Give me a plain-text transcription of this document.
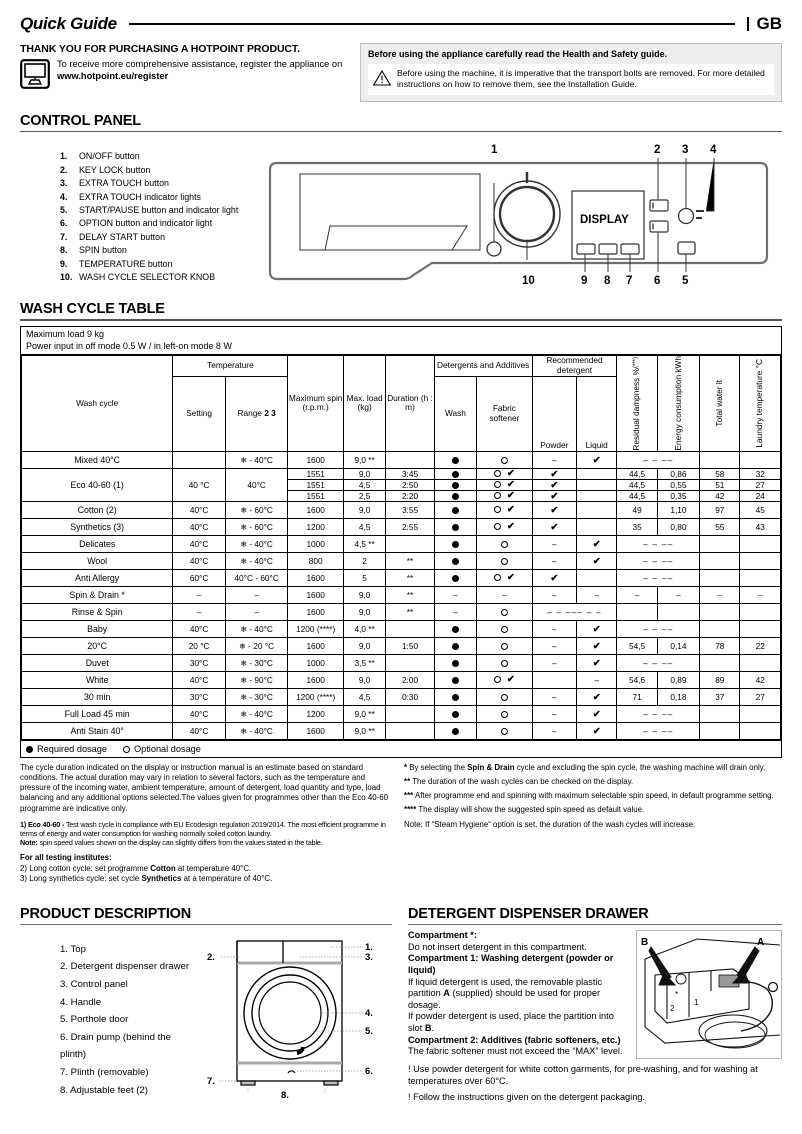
Quick Guide	GB
THANK YOU FOR PURCHASING A HOTPOINT PRODUCT.
To receive more comprehensive assistance, register the appliance on
www.hotpoint.eu/register
Before using the appliance carefully read the Health and Safety guide.
Before using the machine, it is imperative that the transport bolts are removed. For more detailed instructions on how to remove them, see the Installation Guide.
CONTROL PANEL
1.	ON/OFF button
2.	KEY LOCK button
3.	EXTRA TOUCH button
4.	EXTRA TOUCH indicator lights
5.	START/PAUSE button and indicator light
6.	OPTION button and indicator light
7.	DELAY START button
8.	SPIN button
9.	TEMPERATURE button
10. WASH CYCLE SELECTOR KNOB
DISPLAY
1	2 3 4
10	9 8 7 6 5
WASH CYCLE TABLE
Maximum load 9 kg
Power input in off mode 0.5 W / in left-on mode 8 W
Wash cycle	Temperature		Maximum spin (r.p.m.)	Max. load (kg)	Duration (h : m)	Detergents and Additives		Recommended detergent		Residual dampness %(***)	Energy consumption kWh	Total water lt	Laundry temperature °C

	Setting	Range 2 3				Wash	Fabric softener						
								Powder	Liquid				
Mixed 40°C		❄ - 40°C	1600	9,0 **				–	✔	– – ––			
Eco 40-60 (1)	40 °C	40°C	1551	9,0	3:45		✔	✔		44,5	0,86	58	32
			1551	4,5	2:50		✔	✔		44,5	0,55	51	27
			1551	2,5	2:20		✔	✔		44,5	0,35	42	24
Cotton (2)	40°C	❄ - 60°C	1600	9,0	3:55		✔	✔		49	1,10	97	45
Synthetics (3)	40°C	❄ - 60°C	1200	4,5	2:55		✔	✔		35	0,80	55	43
Delicates	40°C	❄ - 40°C	1000	4,5 **				–	✔	– – ––			
Wool	40°C	❄ - 40°C	800	2	**			–	✔	– – ––			
Anti Allergy	60°C	40°C - 60°C	1600	5	**		✔	✔		– – ––			
Spin & Drain *	–	–	1600	9,0	**	–	–	–	–	–	–	–	–
Rinse & Spin	–	–	1600	9,0	**	–		– – ––– – –					
Baby	40°C	❄ - 40°C	1200 (****)	4,0 **				–	✔	– – ––			
20°C	20 °C	❄ - 20 °C	1600	9,0	1:50			–	✔	54,5	0,14	78	22
Duvet	30°C	❄ - 30°C	1000	3,5 **				–	✔	– – ––			
White	40°C	❄ - 90°C	1600	9,0	2:00		✔		–	54,6	0,89	89	42
30 min	30°C	❄ - 30°C	1200 (****)	4,5	0:30			–	✔	71	0,18	37	27
Full Load 45 min	40°C	❄ - 40°C	1200	9,0 **				–	✔	– – ––			
Anti Stain 40°	40°C	❄ - 40°C	1600	9,0 **				–	✔	– – ––			
Required dosage	Optional dosage

The cycle duration indicated on the display or instruction manual is an estimate based on standard conditions. The actual duration may vary in relation to several factors, such as the temperature and pressure of the incoming water, ambient temperature, amount of detergent, load quantity and type, load balancing and any additional options selected.The values given for programmes other than the Eco 40-60 programme are indicative only.

1) Eco 40-60 - Test wash cycle in compliance with EU Ecodesign regulation 2019/2014. The most efficient programme in terms of energy and water consumption for washing normally soiled cotton laundry.
Note: spin speed values shown on the display can slightly differs from the values stated in the table.

For all testing institutes:
2) Long cotton cycle: set programme Cotton at temperature 40°C.
3) Long synthetics cycle: set cycle Synthetics at a temperature of 40°C.

* By selecting the Spin & Drain cycle and excluding the spin cycle, the washing machine will drain only.

** The duration of the wash cycles can be checked on the display.

*** After programme end and spinning with maximum selectable spin speed, in default programme setting.

**** The display will show the suggested spin speed as default value.

Note: If “Steam Hygiene“ option is set, the duration of the wash cycles will increase.

PRODUCT DESCRIPTION
1. Top
2. Detergent dispenser drawer
3. Control panel
4. Handle
5. Porthole door
6. Drain pump (behind the plinth)
7. Plinth (removable)
8. Adjustable feet (2)
1.
3.
4.
5.
6.
2.
7.
8.
DETERGENT DISPENSER DRAWER
Compartment *:
Do not insert detergent in this compartment.
Compartment 1: Washing detergent (powder or liquid)
If liquid detergent is used, the removable plastic partition A (supplied) should be used for proper dosage.
If powder detergent is used, place the partition into slot B.
Compartment 2: Additives (fabric softeners, etc.)
The fabric softener must not exceed the “MAX” level.
B	A
*
1
2
! Use powder detergent for white cotton garments, for pre-washing, and for washing at temperatures over 60°C.
! Follow the instructions given on the detergent packaging.
